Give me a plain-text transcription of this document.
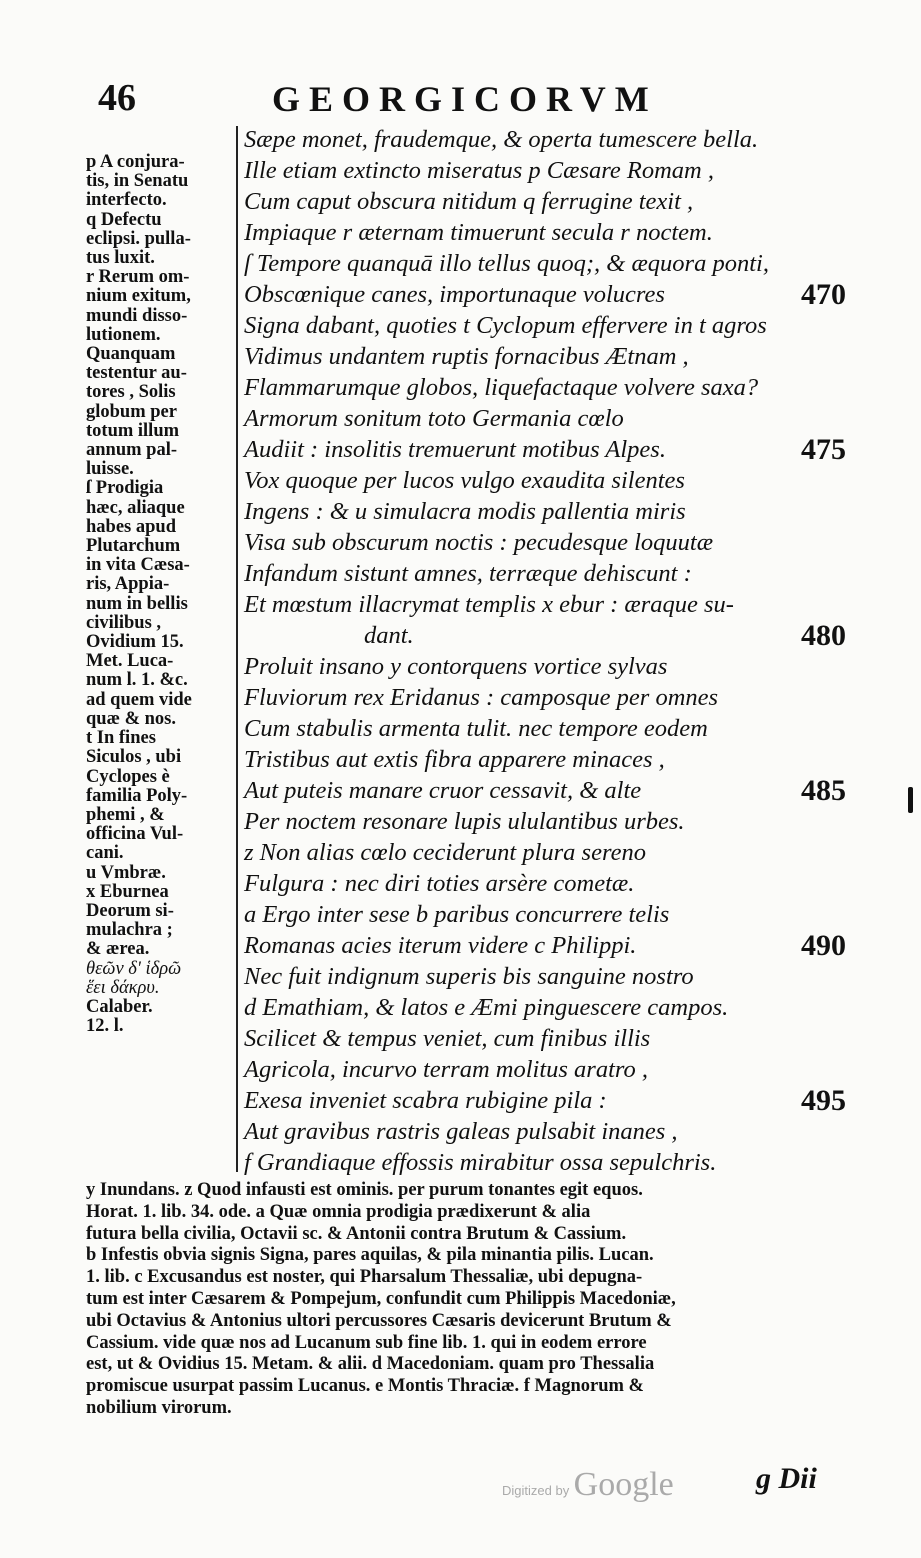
46	GEORGICORVM
p A conjura-
tis, in Senatu
interfecto.
q Defectu
eclipsi. pulla-
tus luxit.
r Rerum om-
nium exitum,
mundi disso-
lutionem.
Quanquam
testentur au-
tores , Solis
globum per
totum illum
annum pal-
luisse.
ſ Prodigia
hæc, aliaque
habes apud
Plutarchum
in vita Cæsa-
ris, Appia-
num in bellis
civilibus ,
Ovidium 15.
Met. Luca-
num l. 1. &c.
ad quem vide
quæ & nos.
t In fines
Siculos , ubi
Cyclopes è
familia Poly-
phemi , &
officina Vul-
cani.
u Vmbræ.
x Eburnea
Deorum si-
mulachra ;
& ærea.
θεῶν δ' ἱδρῶ
ἕει δάκρυ.
Calaber.
12. l.
Sæpe monet, fraudemque, & operta tumescere bella.
Ille etiam extincto miseratus p Cæsare Romam ,
Cum caput obscura nitidum q ferrugine texit ,
Impiaque r æternam timuerunt secula r noctem.
ſ Tempore quanquā illo tellus quoq;, & æquora ponti,
Obscœnique canes, importunaque volucres	470
Signa dabant, quoties t Cyclopum effervere in t agros
Vidimus undantem ruptis fornacibus Ætnam ,
Flammarumque globos, liquefactaque volvere saxa?
Armorum sonitum toto Germania cœlo
Audiit : insolitis tremuerunt motibus Alpes.	475
Vox quoque per lucos vulgo exaudita silentes
Ingens : & u simulacra modis pallentia miris
Visa sub obscurum noctis : pecudesque loquutæ
Infandum sistunt amnes, terræque dehiscunt :
Et mœstum illacrymat templis x ebur : æraque su-
dant.	480
Proluit insano y contorquens vortice sylvas
Fluviorum rex Eridanus : camposque per omnes
Cum stabulis armenta tulit. nec tempore eodem
Tristibus aut extis fibra apparere minaces ,
Aut puteis manare cruor cessavit, & alte	485
Per noctem resonare lupis ululantibus urbes.
z Non alias cœlo ceciderunt plura sereno
Fulgura : nec diri toties arsère cometæ.
a Ergo inter sese b paribus concurrere telis
Romanas acies iterum videre c Philippi.	490
Nec fuit indignum superis bis sanguine nostro
d Emathiam, & latos e Æmi pinguescere campos.
Scilicet & tempus veniet, cum finibus illis
Agricola, incurvo terram molitus aratro ,
Exesa inveniet scabra rubigine pila :	495
Aut gravibus rastris galeas pulsabit inanes ,
f Grandiaque effossis mirabitur ossa sepulchris.
y Inundans. z Quod infausti est ominis. per purum tonantes egit equos.
Horat. 1. lib. 34. ode. a Quæ omnia prodigia prædixerunt & alia
futura bella civilia, Octavii sc. & Antonii contra Brutum & Cassium.
b Infestis obvia signis Signa, pares aquilas, & pila minantia pilis. Lucan.
1. lib. c Excusandus est noster, qui Pharsalum Thessaliæ, ubi depugna-
tum est inter Cæsarem & Pompejum, confundit cum Philippis Macedoniæ,
ubi Octavius & Antonius ultori percussores Cæsaris devicerunt Brutum &
Cassium. vide quæ nos ad Lucanum sub fine lib. 1. qui in eodem errore
est, ut & Ovidius 15. Metam. & alii. d Macedoniam. quam pro Thessalia
promiscue usurpat passim Lucanus. e Montis Thraciæ. f Magnorum &
nobilium virorum.
Digitized by Google	g Dii
